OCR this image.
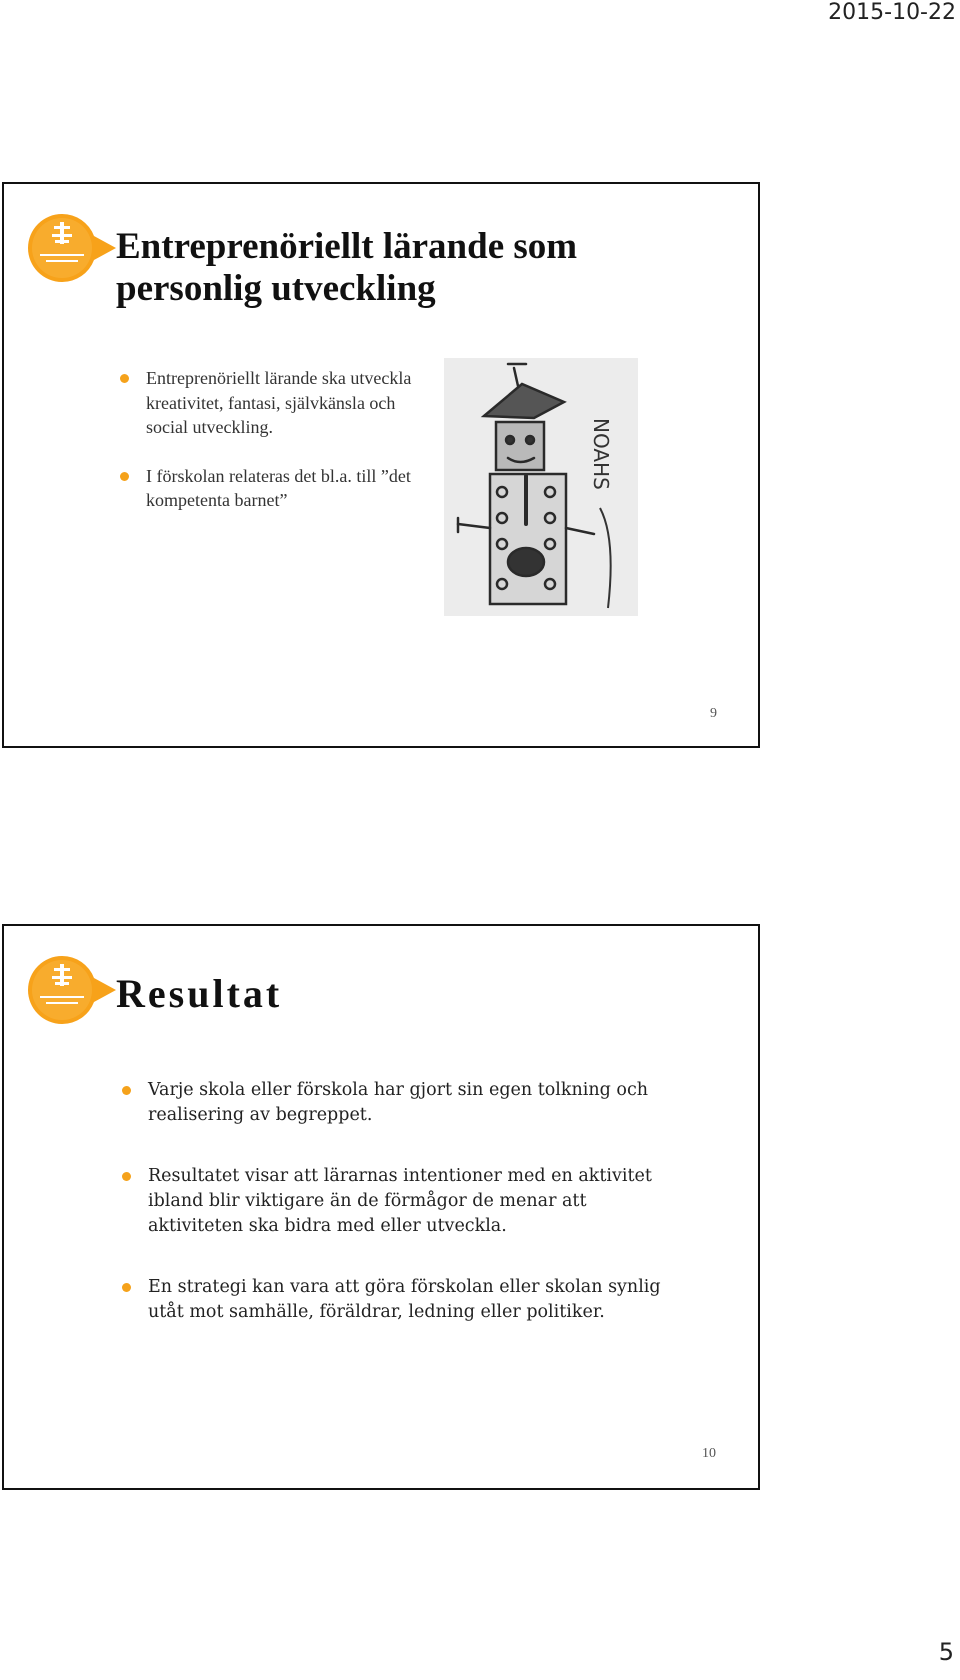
2015-10-22
Entreprenöriellt lärande som personlig utveckling
Entreprenöriellt lärande ska utveckla kreativitet, fantasi, självkänsla och social utveckling.
I förskolan relateras det bl.a. till ”det kompetenta barnet”
NOAHS
9
Resultat
Varje skola eller förskola har gjort sin egen tolkning och realisering av begreppet.
Resultatet visar att lärarnas intentioner med en aktivitet ibland blir viktigare än de förmågor de menar att aktiviteten ska bidra med eller utveckla.
En strategi kan vara att göra förskolan eller skolan synlig utåt mot samhälle, föräldrar, ledning eller politiker.
10
5
